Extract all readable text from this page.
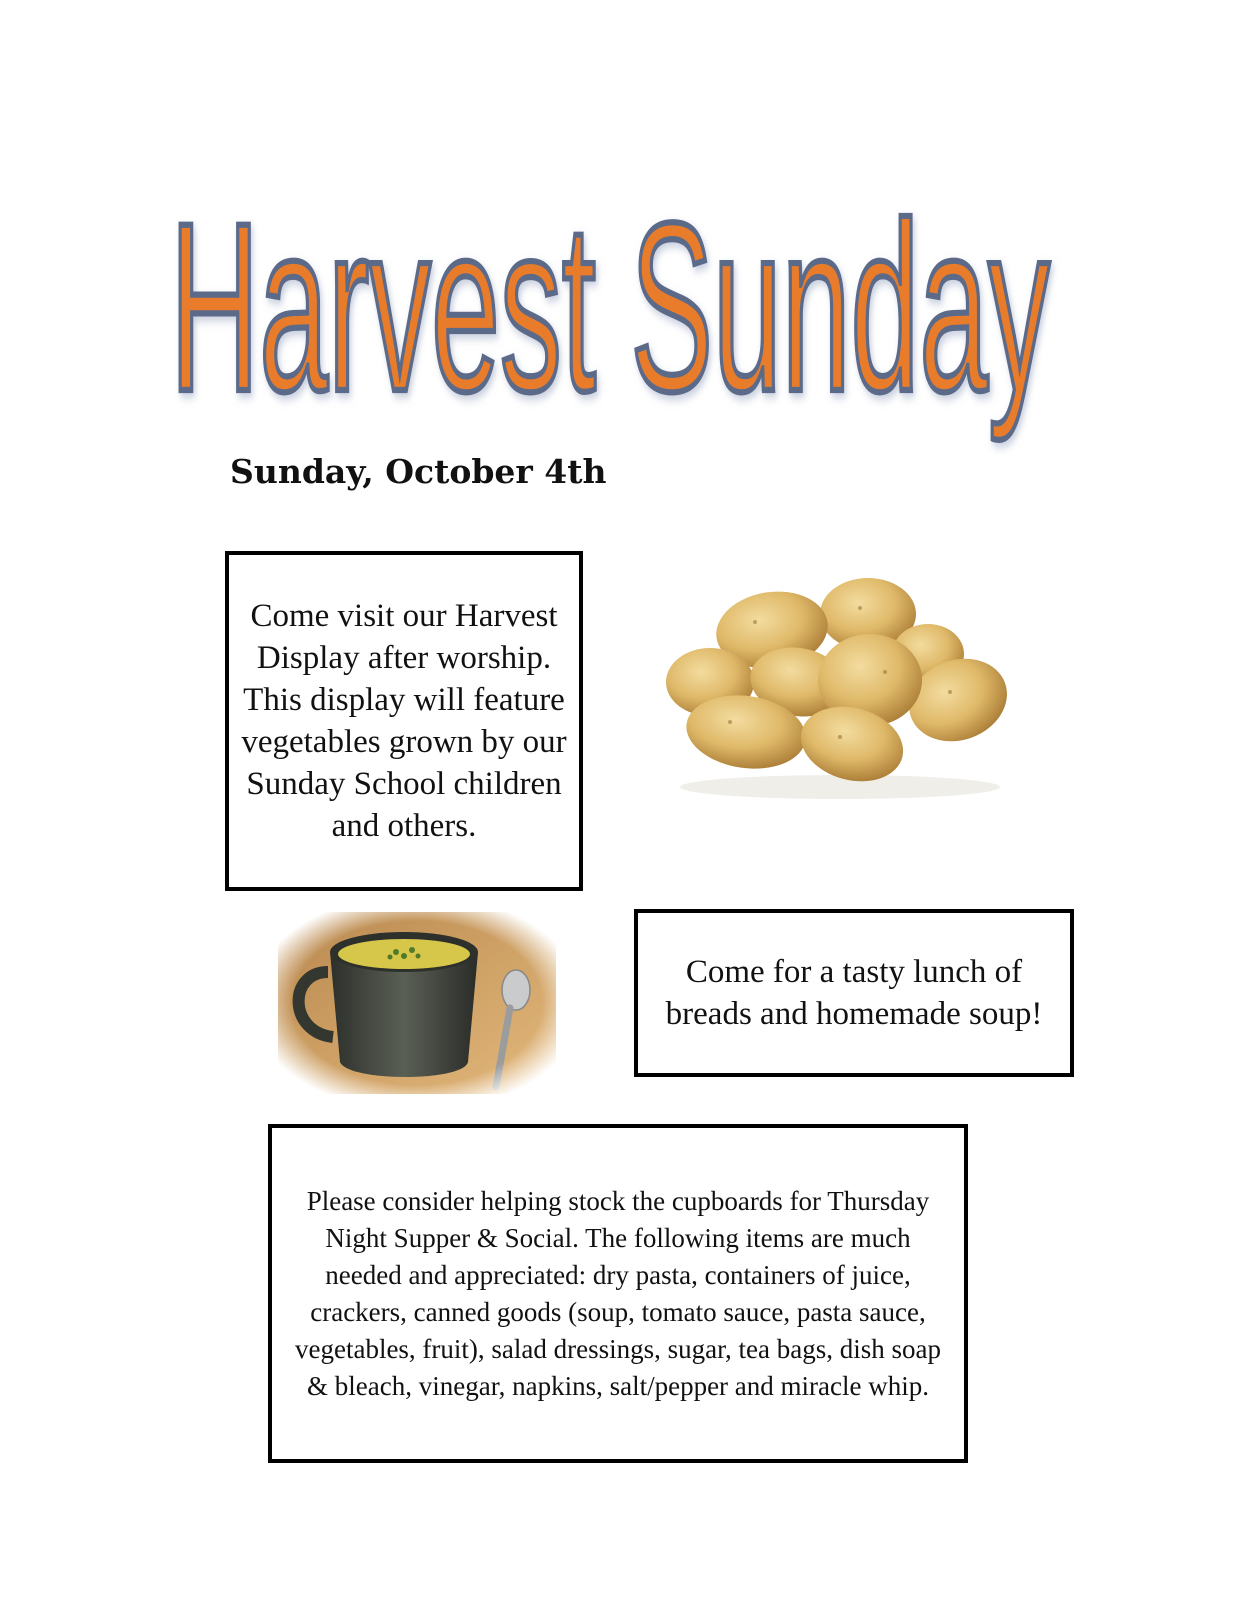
Harvest Sunday
Sunday, October 4th

Come visit our Harvest Display after worship. This display will feature vegetables grown by our Sunday School children and others.

Come for a tasty lunch of breads and homemade soup!

Please consider helping stock the cupboards for Thursday Night Supper & Social. The following items are much needed and appreciated: dry pasta, containers of juice, crackers, canned goods (soup, tomato sauce, pasta sauce, vegetables, fruit), salad dressings, sugar, tea bags, dish soap & bleach, vinegar, napkins, salt/pepper and miracle whip.
